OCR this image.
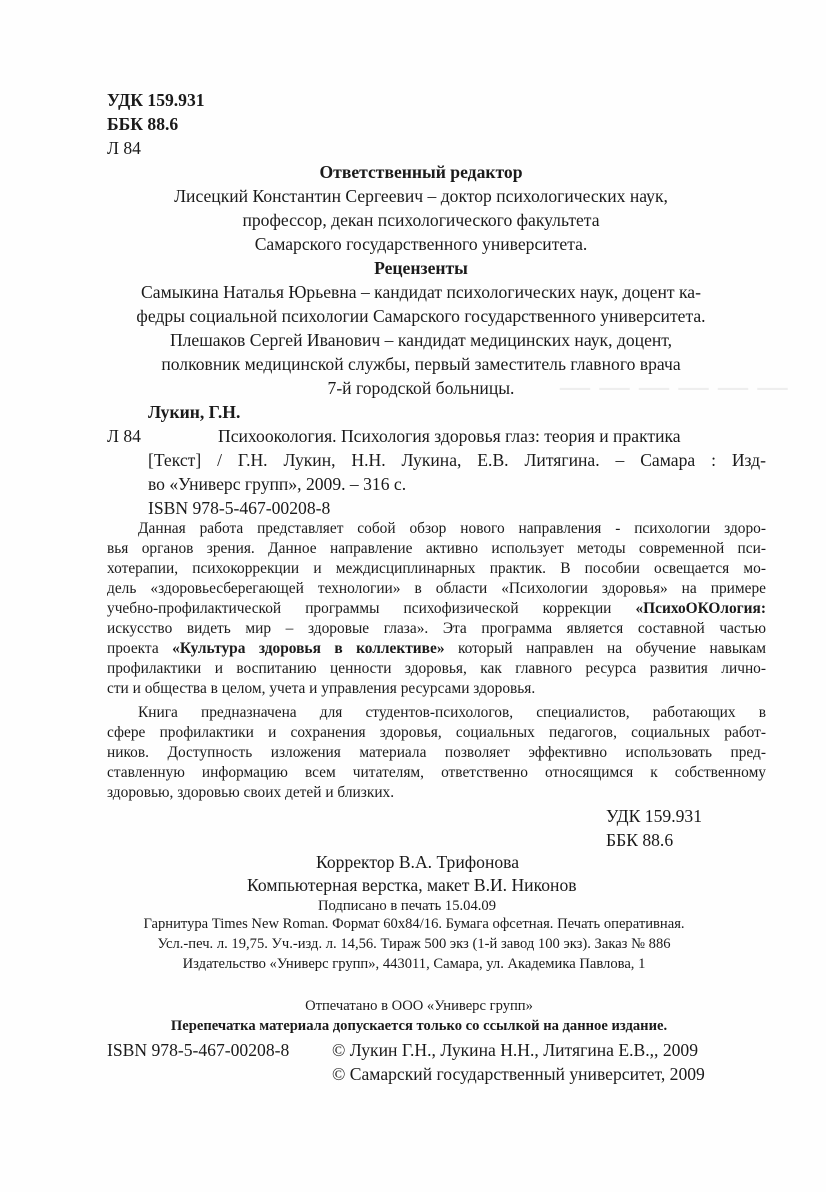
— — — — — —
УДК 159.931
ББК 88.6
Л 84
Ответственный редактор
Лисецкий Константин Сергеевич – доктор психологических наук,
профессор, декан психологического факультета
Самарского государственного университета.
Рецензенты
Самыкина Наталья Юрьевна – кандидат психологических наук, доцент ка-
федры социальной психологии Самарского государственного университета.
Плешаков Сергей Иванович – кандидат медицинских наук, доцент,
полковник медицинской службы, первый заместитель главного врача
7-й городской больницы.
Лукин, Г.Н.
Л 84	Психоокология. Психология здоровья глаз: теория и практика
[Текст] / Г.Н. Лукин, Н.Н. Лукина, Е.В. Литягина. – Самара : Изд-
во «Универс групп», 2009. – 316 с.
ISBN 978-5-467-00208-8
Данная работа представляет собой обзор нового направления - психологии здоро-
вья органов зрения. Данное направление активно использует методы современной пси-
хотерапии, психокоррекции и междисциплинарных практик. В пособии освещается мо-
дель «здоровьесберегающей технологии» в области «Психологии здоровья» на примере
учебно-профилактической программы психофизической коррекции «ПсихоОКОлогия:
искусство видеть мир – здоровые глаза». Эта программа является составной частью
проекта «Культура здоровья в коллективе» который направлен на обучение навыкам
профилактики и воспитанию ценности здоровья, как главного ресурса развития лично-
сти и общества в целом, учета и управления ресурсами здоровья.
Книга предназначена для студентов-психологов, специалистов, работающих в
сфере профилактики и сохранения здоровья, социальных педагогов, социальных работ-
ников. Доступность изложения материала позволяет эффективно использовать пред-
ставленную информацию всем читателям, ответственно относящимся к собственному
здоровью, здоровью своих детей и близких.
УДК 159.931
ББК 88.6
Корректор В.А. Трифонова
Компьютерная верстка, макет В.И. Никонов
Подписано в печать 15.04.09
Гарнитура Times New Roman. Формат 60x84/16. Бумага офсетная. Печать оперативная.
Усл.-печ. л. 19,75. Уч.-изд. л. 14,56. Тираж 500 экз (1-й завод 100 экз). Заказ № 886
Издательство «Универс групп», 443011, Самара, ул. Академика Павлова, 1
Отпечатано в ООО «Универс групп»
Перепечатка материала допускается только со ссылкой на данное издание.
ISBN 978-5-467-00208-8 © Лукин Г.Н., Лукина Н.Н., Литягина Е.В.,, 2009
© Самарский государственный университет, 2009
